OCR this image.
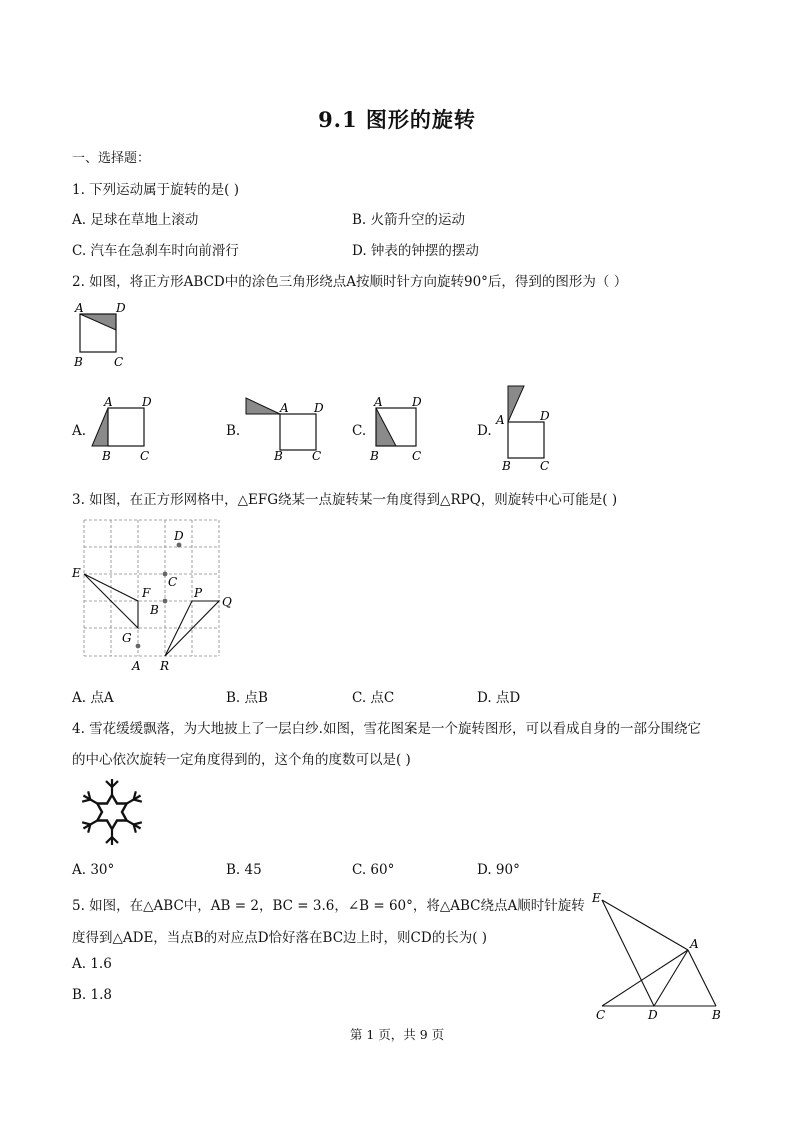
9.1 图形的旋转
一、选择题：
1. 下列运动属于旋转的是( )
A. 足球在草地上滚动	B. 火箭升空的运动
C. 汽车在急刹车时向前滑行	D. 钟表的钟摆的摆动
2. 如图，将正方形ABCD中的涂色三角形绕点A按顺时针方向旋转90°后，得到的图形为（ ）
A	D
B	C
A.
A D
B C
B.
A D
B C
C.
A D
B	C
D.
A	D
B C
3. 如图，在正方形网格中，△EFG绕某一点旋转某一角度得到△RPQ，则旋转中心可能是( )
D
C
B
A
E
F
G
P
Q
R
A. 点A	B. 点B	C. 点C	D. 点D
4. 雪花缓缓飘落，为大地披上了一层白纱.如图，雪花图案是一个旋转图形，可以看成自身的一部分围绕它
的中心依次旋转一定角度得到的，这个角的度数可以是( )
A. 30°	B. 45	C. 60°	D. 90°
5. 如图，在△ABC中，AB = 2，BC = 3.6，∠B = 60°，将△ABC绕点A顺时针旋转
度得到△ADE，当点B的对应点D恰好落在BC边上时，则CD的长为( )
A. 1.6
B. 1.8
E
A
C	D	B
第 1 页，共 9 页
